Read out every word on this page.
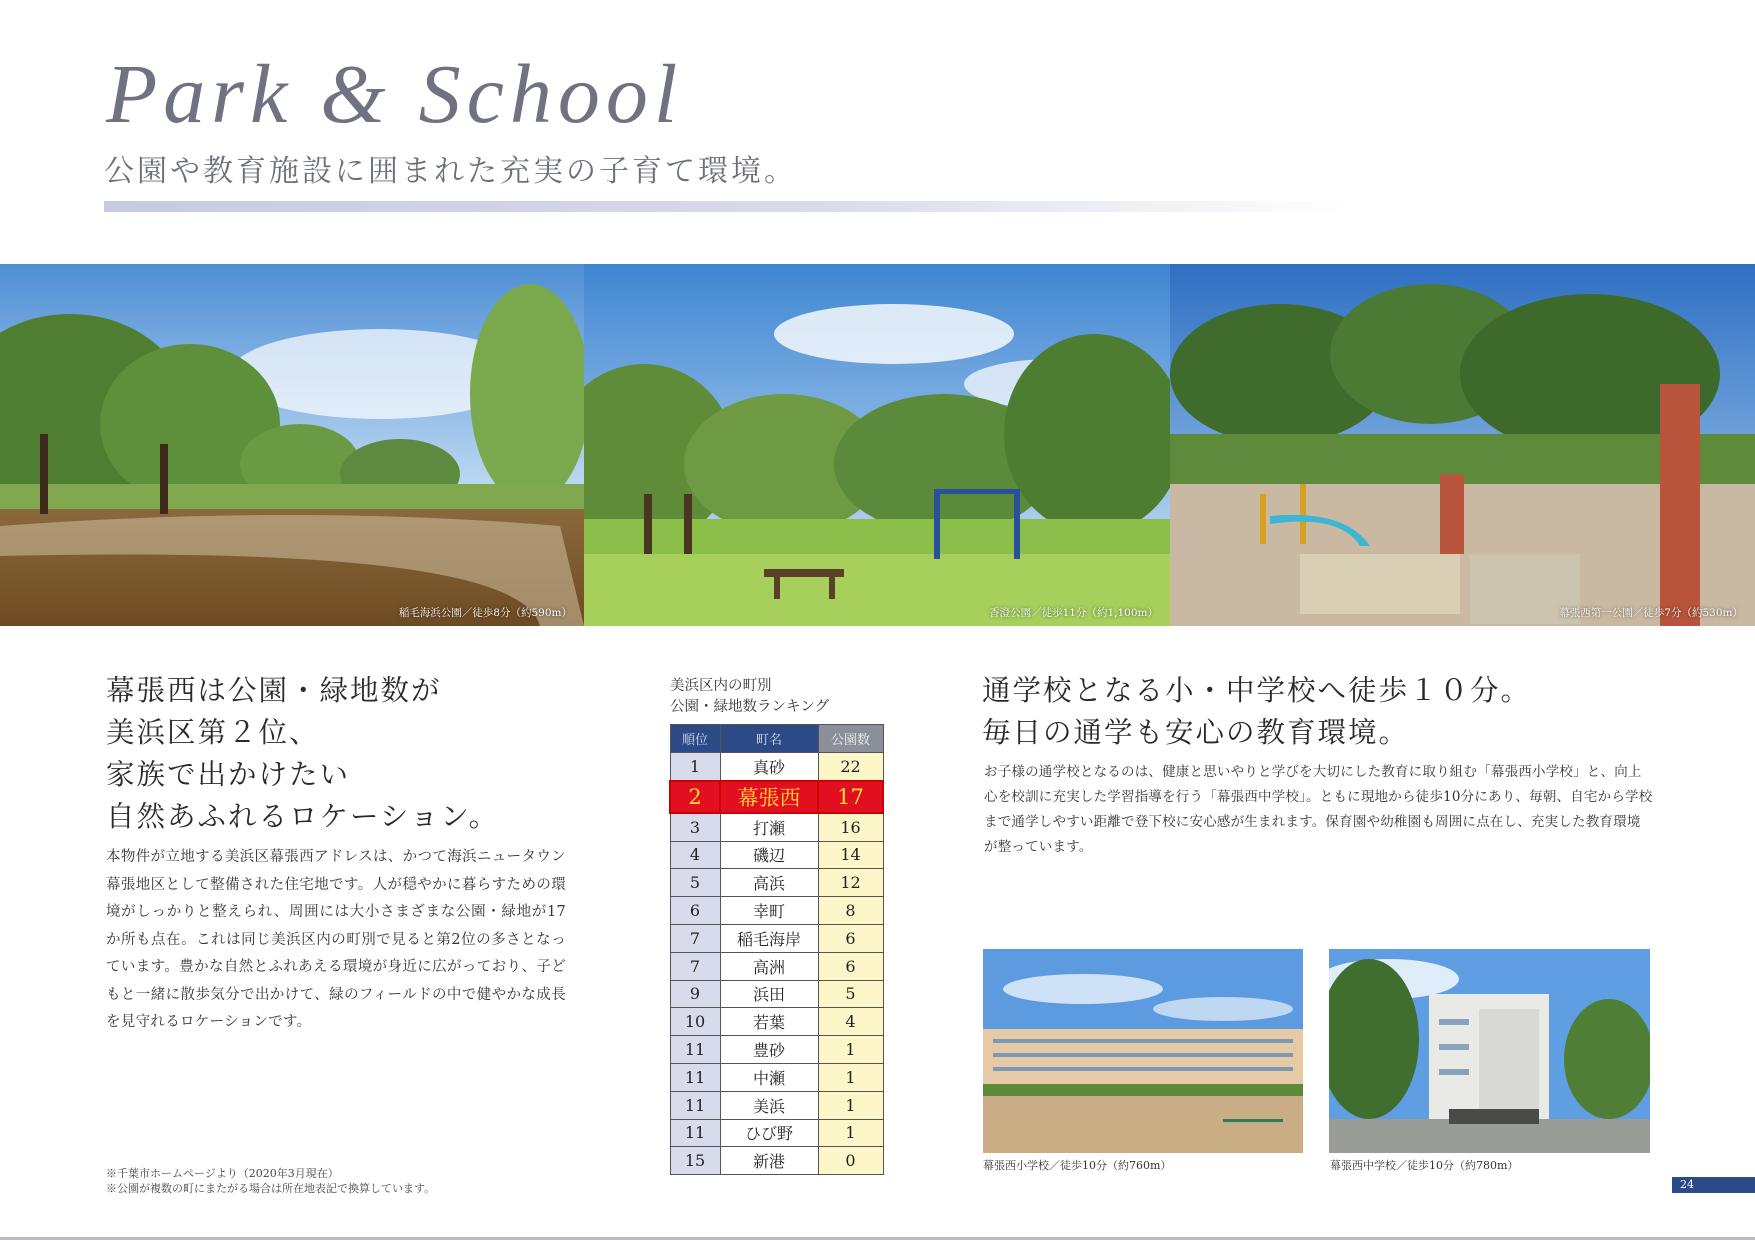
Park & School
公園や教育施設に囲まれた充実の子育て環境。
稲毛海浜公園／徒歩8分（約590m）	香澄公園／徒歩11分（約1,100m）	幕張西第一公園／徒歩7分（約530m）
幕張西は公園・緑地数が
美浜区第２位、
家族で出かけたい
自然あふれるロケーション。
本物件が立地する美浜区幕張西アドレスは、かつて海浜ニュータウン幕張地区として整備された住宅地です。人が穏やかに暮らすための環境がしっかりと整えられ、周囲には大小さまざまな公園・緑地が17か所も点在。これは同じ美浜区内の町別で見ると第2位の多さとなっています。豊かな自然とふれあえる環境が身近に広がっており、子どもと一緒に散歩気分で出かけて、緑のフィールドの中で健やかな成長を見守れるロケーションです。
※千葉市ホームページより（2020年3月現在）
※公園が複数の町にまたがる場合は所在地表記で換算しています。
美浜区内の町別
公園・緑地数ランキング
順位	町名	公園数
1	真砂	22
2	幕張西	17
3	打瀬	16
4	磯辺	14
5	高浜	12
6	幸町	8
7	稲毛海岸	6
7	高洲	6
9	浜田	5
10	若葉	4
11	豊砂	1
11	中瀬	1
11	美浜	1
11	ひび野	1
15	新港	0
通学校となる小・中学校へ徒歩１０分。
毎日の通学も安心の教育環境。
お子様の通学校となるのは、健康と思いやりと学びを大切にした教育に取り組む「幕張西小学校」と、向上心を校訓に充実した学習指導を行う「幕張西中学校」。ともに現地から徒歩10分にあり、毎朝、自宅から学校まで通学しやすい距離で登下校に安心感が生まれます。保育園や幼稚園も周囲に点在し、充実した教育環境が整っています。
幕張西小学校／徒歩10分（約760m）	幕張西中学校／徒歩10分（約780m）
24
